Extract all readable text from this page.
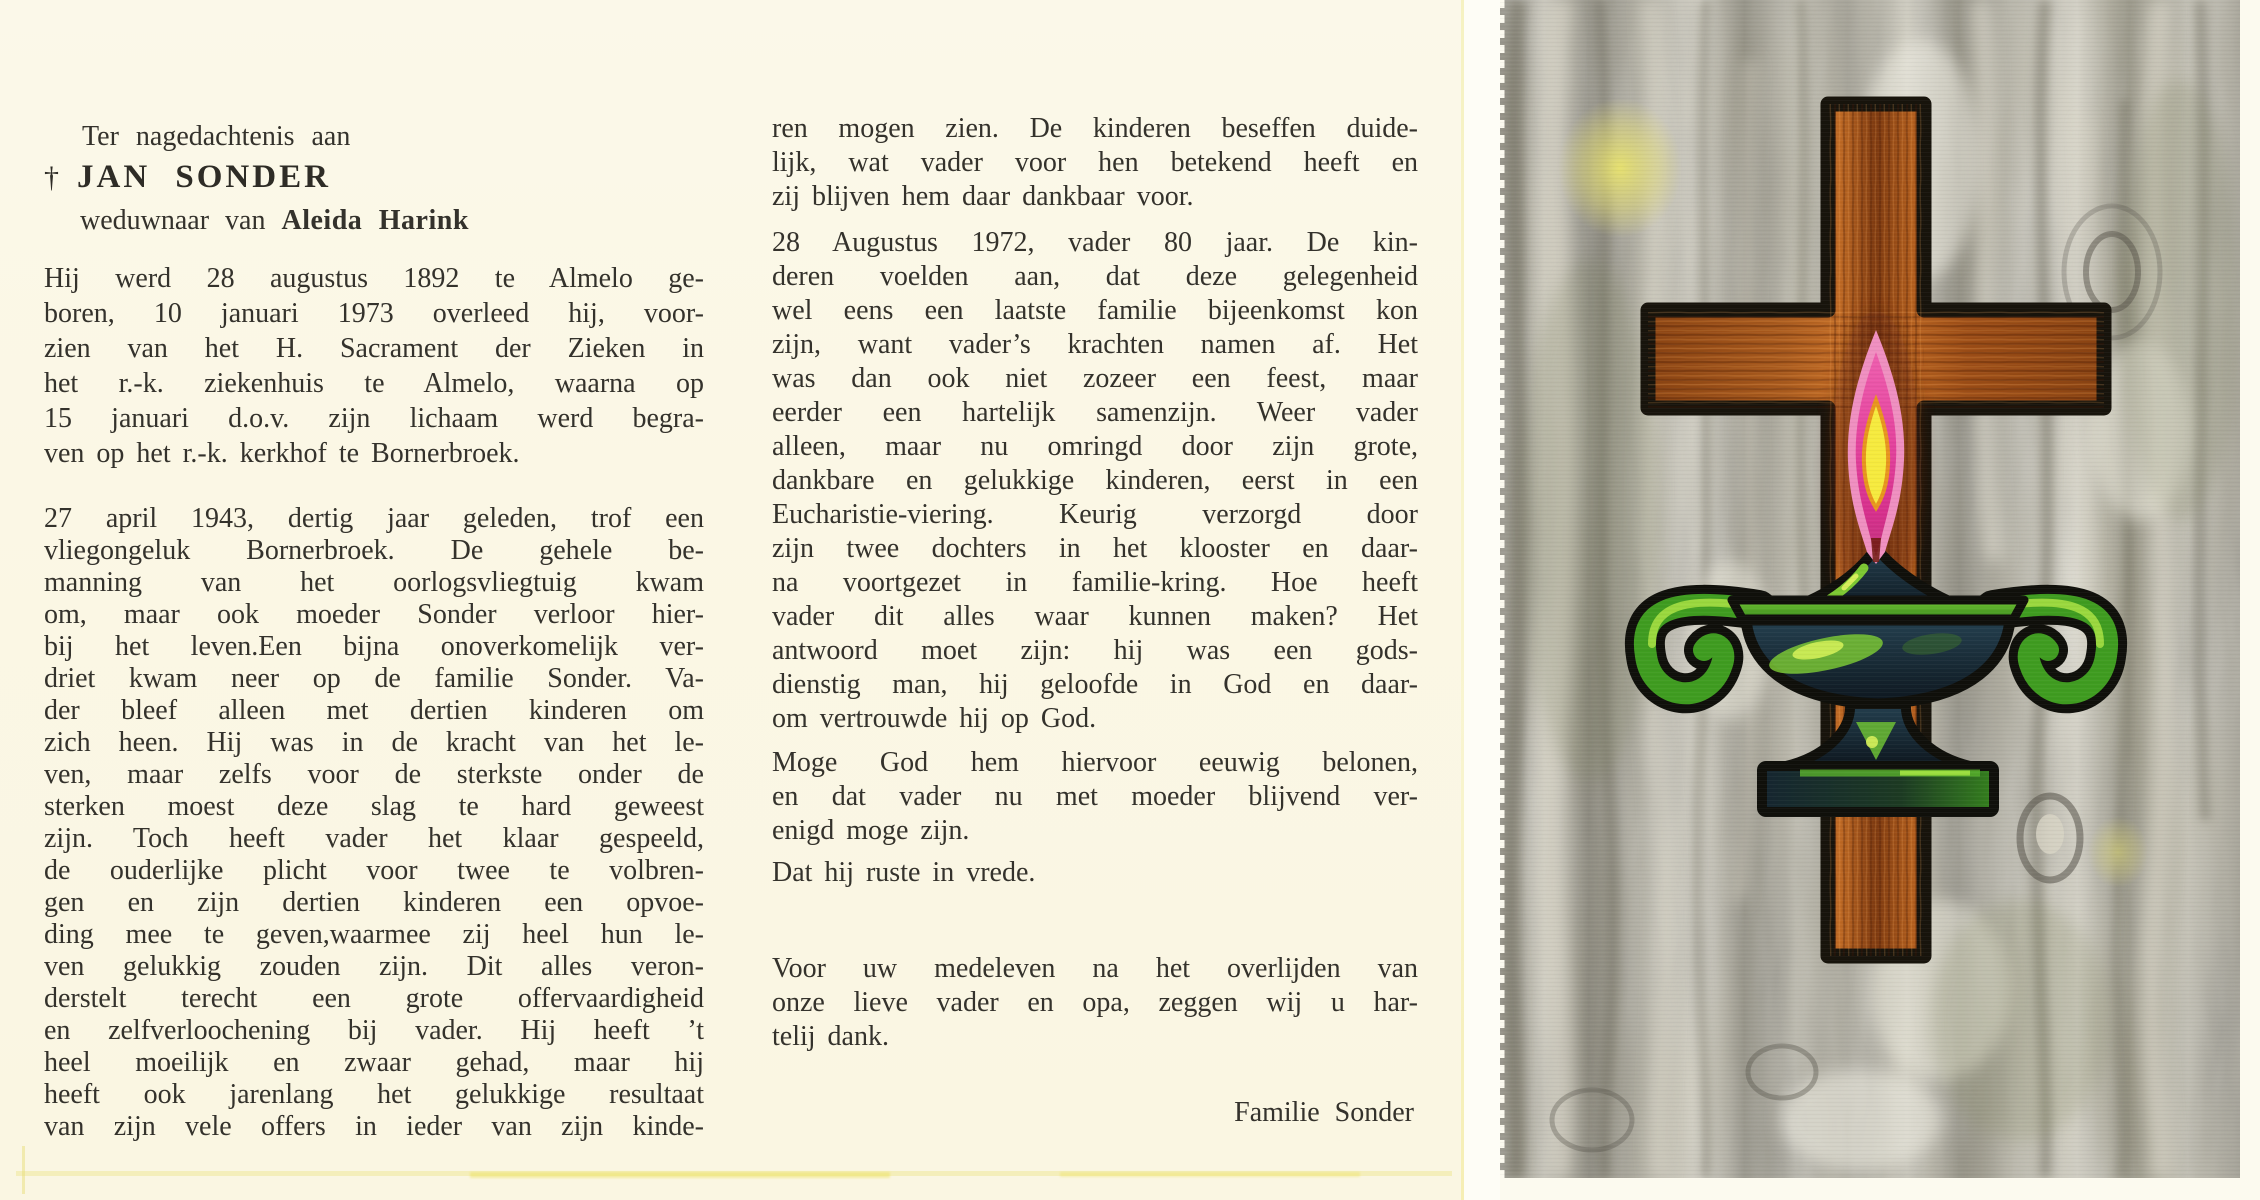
Ter nagedachtenis aan
† JAN SONDER
weduwnaar van Aleida Harink
Hij werd 28 augustus 1892 te Almelo ge-
boren, 10 januari 1973 overleed hij, voor-
zien van het H. Sacrament der Zieken in
het r.-k. ziekenhuis te Almelo, waarna op
15 januari d.o.v. zijn lichaam werd begra-
ven op het r.-k. kerkhof te Bornerbroek.
27 april 1943, dertig jaar geleden, trof een
vliegongeluk Bornerbroek. De gehele be-
manning van het oorlogsvliegtuig kwam
om, maar ook moeder Sonder verloor hier-
bij het leven.Een bijna onoverkomelijk ver-
driet kwam neer op de familie Sonder. Va-
der bleef alleen met dertien kinderen om
zich heen. Hij was in de kracht van het le-
ven, maar zelfs voor de sterkste onder de
sterken moest deze slag te hard geweest
zijn. Toch heeft vader het klaar gespeeld,
de ouderlijke plicht voor twee te volbren-
gen en zijn dertien kinderen een opvoe-
ding mee te geven,waarmee zij heel hun le-
ven gelukkig zouden zijn. Dit alles veron-
derstelt terecht een grote offervaardigheid
en zelfverloochening bij vader. Hij heeft ’t
heel moeilijk en zwaar gehad, maar hij
heeft ook jarenlang het gelukkige resultaat
van zijn vele offers in ieder van zijn kinde-
ren mogen zien. De kinderen beseffen duide-
lijk, wat vader voor hen betekend heeft en
zij blijven hem daar dankbaar voor.
28 Augustus 1972, vader 80 jaar. De kin-
deren voelden aan, dat deze gelegenheid
wel eens een laatste familie bijeenkomst kon
zijn, want vader’s krachten namen af. Het
was dan ook niet zozeer een feest, maar
eerder een hartelijk samenzijn. Weer vader
alleen, maar nu omringd door zijn grote,
dankbare en gelukkige kinderen, eerst in een
Eucharistie-viering. Keurig verzorgd door
zijn twee dochters in het klooster en daar-
na voortgezet in familie-kring. Hoe heeft
vader dit alles waar kunnen maken? Het
antwoord moet zijn: hij was een gods-
dienstig man, hij geloofde in God en daar-
om vertrouwde hij op God.
Moge God hem hiervoor eeuwig belonen,
en dat vader nu met moeder blijvend ver-
enigd moge zijn.
Dat hij ruste in vrede.
Voor uw medeleven na het overlijden van
onze lieve vader en opa, zeggen wij u har-
telij dank.
Familie Sonder
